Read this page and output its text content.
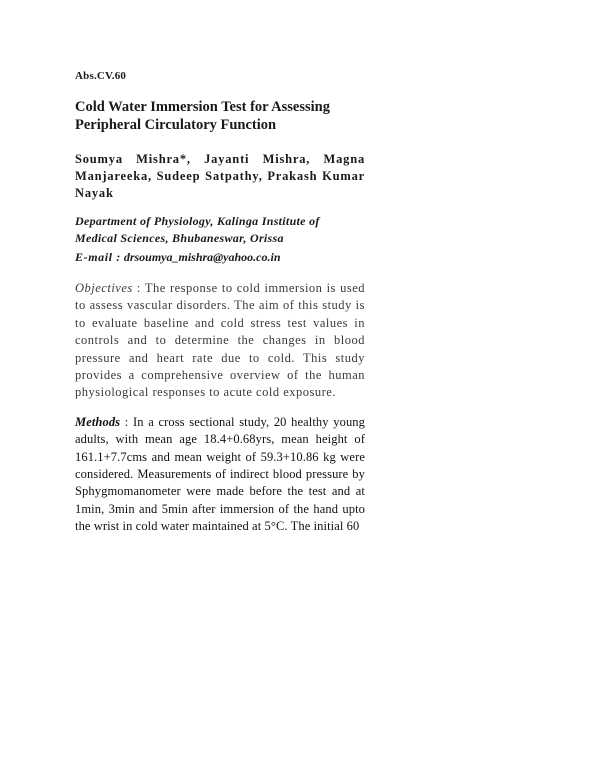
Abs.CV.60
Cold Water Immersion Test for Assessing Peripheral Circulatory Function
Soumya Mishra*, Jayanti Mishra, Magna Manjareeka, Sudeep Satpathy, Prakash Kumar Nayak
Department of Physiology, Kalinga Institute of Medical Sciences, Bhubaneswar, Orissa
E-mail : drsoumya_mishra@yahoo.co.in

Objectives : The response to cold immersion is used to assess vascular disorders. The aim of this study is to evaluate baseline and cold stress test values in controls and to determine the changes in blood pressure and heart rate due to cold. This study provides a comprehensive overview of the human physiological responses to acute cold exposure.

Methods : In a cross sectional study, 20 healthy young adults, with mean age 18.4+0.68yrs, mean height of 161.1+7.7cms and mean weight of 59.3+10.86 kg were considered. Measurements of indirect blood pressure by Sphygmomanometer were made before the test and at 1min, 3min and 5min after immersion of the hand upto the wrist in cold water maintained at 5°C. The initial 60
